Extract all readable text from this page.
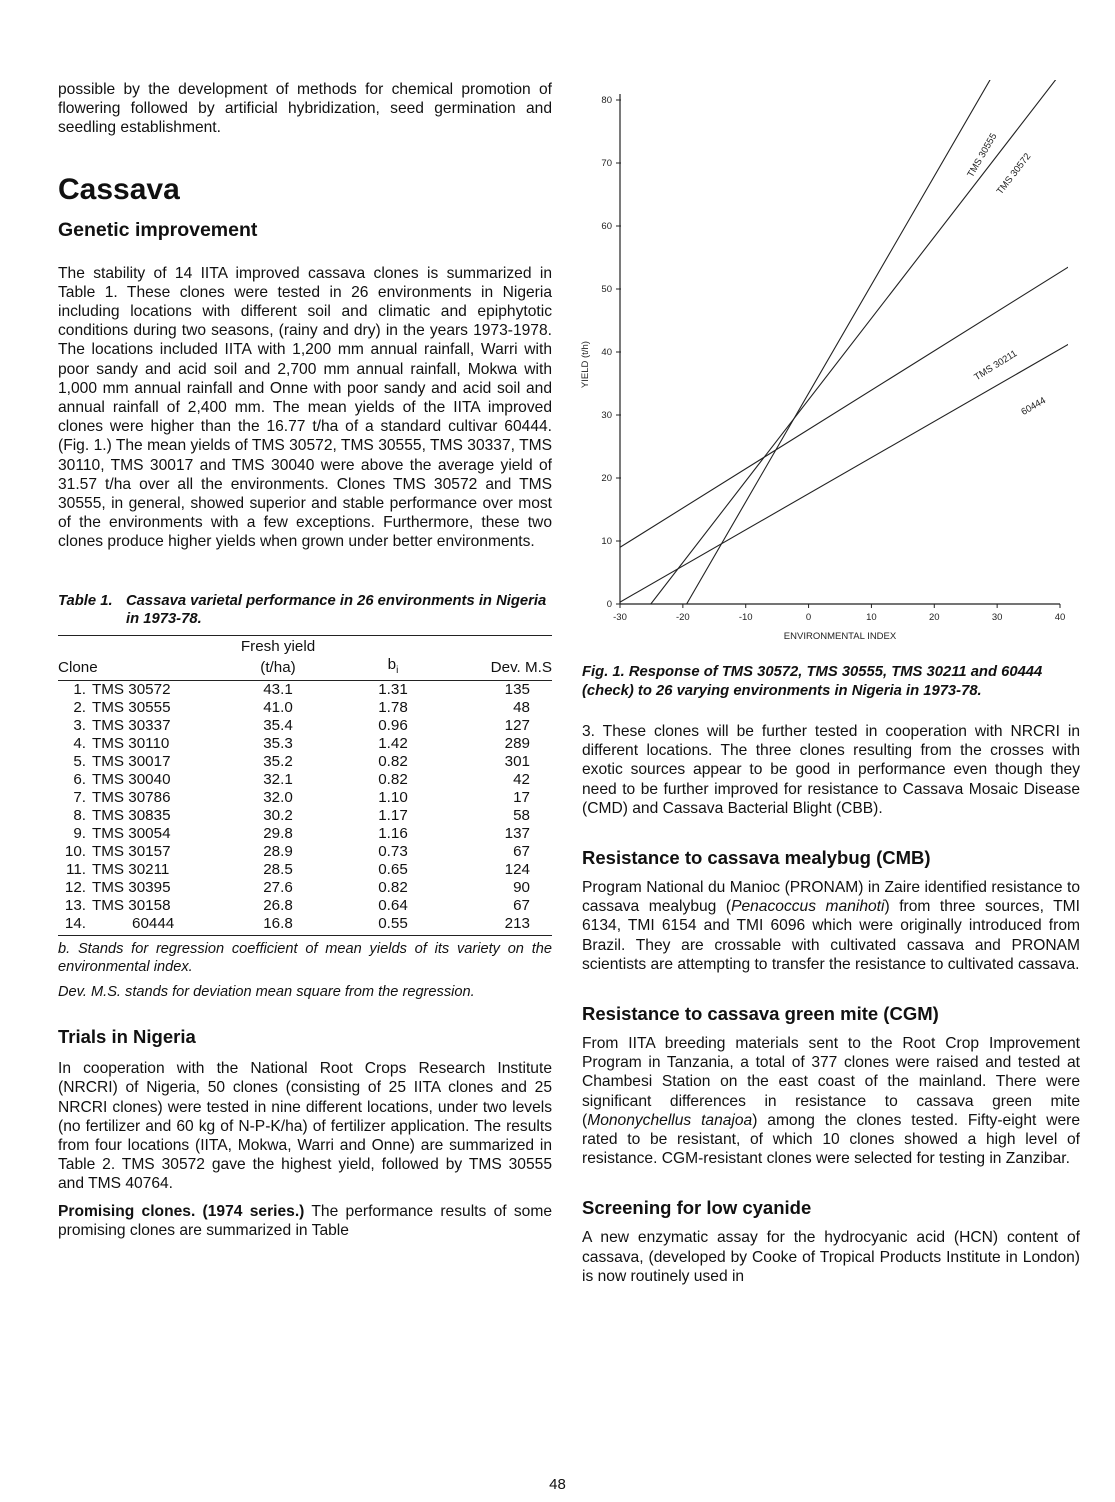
possible by the development of methods for chemical promotion of flowering followed by artificial hybridization, seed germination and seedling establishment.

Cassava
Genetic improvement

The stability of 14 IITA improved cassava clones is summarized in Table 1. These clones were tested in 26 environments in Nigeria including locations with different soil and climatic and epiphytotic conditions during two seasons, (rainy and dry) in the years 1973-1978. The locations included IITA with 1,200 mm annual rainfall, Warri with poor sandy and acid soil and 2,700 mm annual rainfall, Mokwa with 1,000 mm annual rainfall and Onne with poor sandy and acid soil and annual rainfall of 2,400 mm. The mean yields of the IITA improved clones were higher than the 16.77 t/ha of a standard cultivar 60444. (Fig. 1.) The mean yields of TMS 30572, TMS 30555, TMS 30337, TMS 30110, TMS 30017 and TMS 30040 were above the average yield of 31.57 t/ha over all the environments. Clones TMS 30572 and TMS 30555, in general, showed superior and stable performance over most of the environments with a few exceptions. Furthermore, these two clones produce higher yields when grown under better environments.

Table 1. Cassava varietal performance in 26 environments in Nigeria in 1973-78.
	Fresh yield		
Clone	(t/ha)	$b_i$	Dev. M.S
1. TMS 30572	43.1	1.31	135
2. TMS 30555	41.0	1.78	48
3. TMS 30337	35.4	0.96	127
4. TMS 30110	35.3	1.42	289
5. TMS 30017	35.2	0.82	301
6. TMS 30040	32.1	0.82	42
7. TMS 30786	32.0	1.10	17
8. TMS 30835	30.2	1.17	58
9. TMS 30054	29.8	1.16	137
10. TMS 30157	28.9	0.73	67
11. TMS 30211	28.5	0.65	124
12. TMS 30395	27.6	0.82	90
13. TMS 30158	26.8	0.64	67
14. 60444	16.8	0.55	213

b. Stands for regression coefficient of mean yields of its variety on the environmental index.

Dev. M.S. stands for deviation mean square from the regression.

Trials in Nigeria

In cooperation with the National Root Crops Research Institute (NRCRI) of Nigeria, 50 clones (consisting of 25 IITA clones and 25 NRCRI clones) were tested in nine different locations, under two levels (no fertilizer and 60 kg of N-P-K/ha) of fertilizer application. The results from four locations (IITA, Mokwa, Warri and Onne) are summarized in Table 2. TMS 30572 gave the highest yield, followed by TMS 30555 and TMS 40764.

Promising clones. (1974 series.) The performance results of some promising clones are summarized in Table

0
10
20
30
40
50
60
70
80
-30	-20	-10	0	10	20	30	40
ENVIRONMENTAL INDEX
YIELD (t/h)
TMS 30555
TMS 30572
TMS 30211
60444
Fig. 1. Response of TMS 30572, TMS 30555, TMS 30211 and 60444 (check) to 26 varying environments in Nigeria in 1973-78.

3. These clones will be further tested in cooperation with NRCRI in different locations. The three clones resulting from the crosses with exotic sources appear to be good in performance even though they need to be further improved for resistance to Cassava Mosaic Disease (CMD) and Cassava Bacterial Blight (CBB).

Resistance to cassava mealybug (CMB)

Program National du Manioc (PRONAM) in Zaire identified resistance to cassava mealybug (Penacoccus manihoti) from three sources, TMI 6134, TMI 6154 and TMI 6096 which were originally introduced from Brazil. They are crossable with cultivated cassava and PRONAM scientists are attempting to transfer the resistance to cultivated cassava.

Resistance to cassava green mite (CGM)

From IITA breeding materials sent to the Root Crop Improvement Program in Tanzania, a total of 377 clones were raised and tested at Chambesi Station on the east coast of the mainland. There were significant differences in resistance to cassava green mite (Mononychellus tanajoa) among the clones tested. Fifty-eight were rated to be resistant, of which 10 clones showed a high level of resistance. CGM-resistant clones were selected for testing in Zanzibar.

Screening for low cyanide

A new enzymatic assay for the hydrocyanic acid (HCN) content of cassava, (developed by Cooke of Tropical Products Institute in London) is now routinely used in

48
